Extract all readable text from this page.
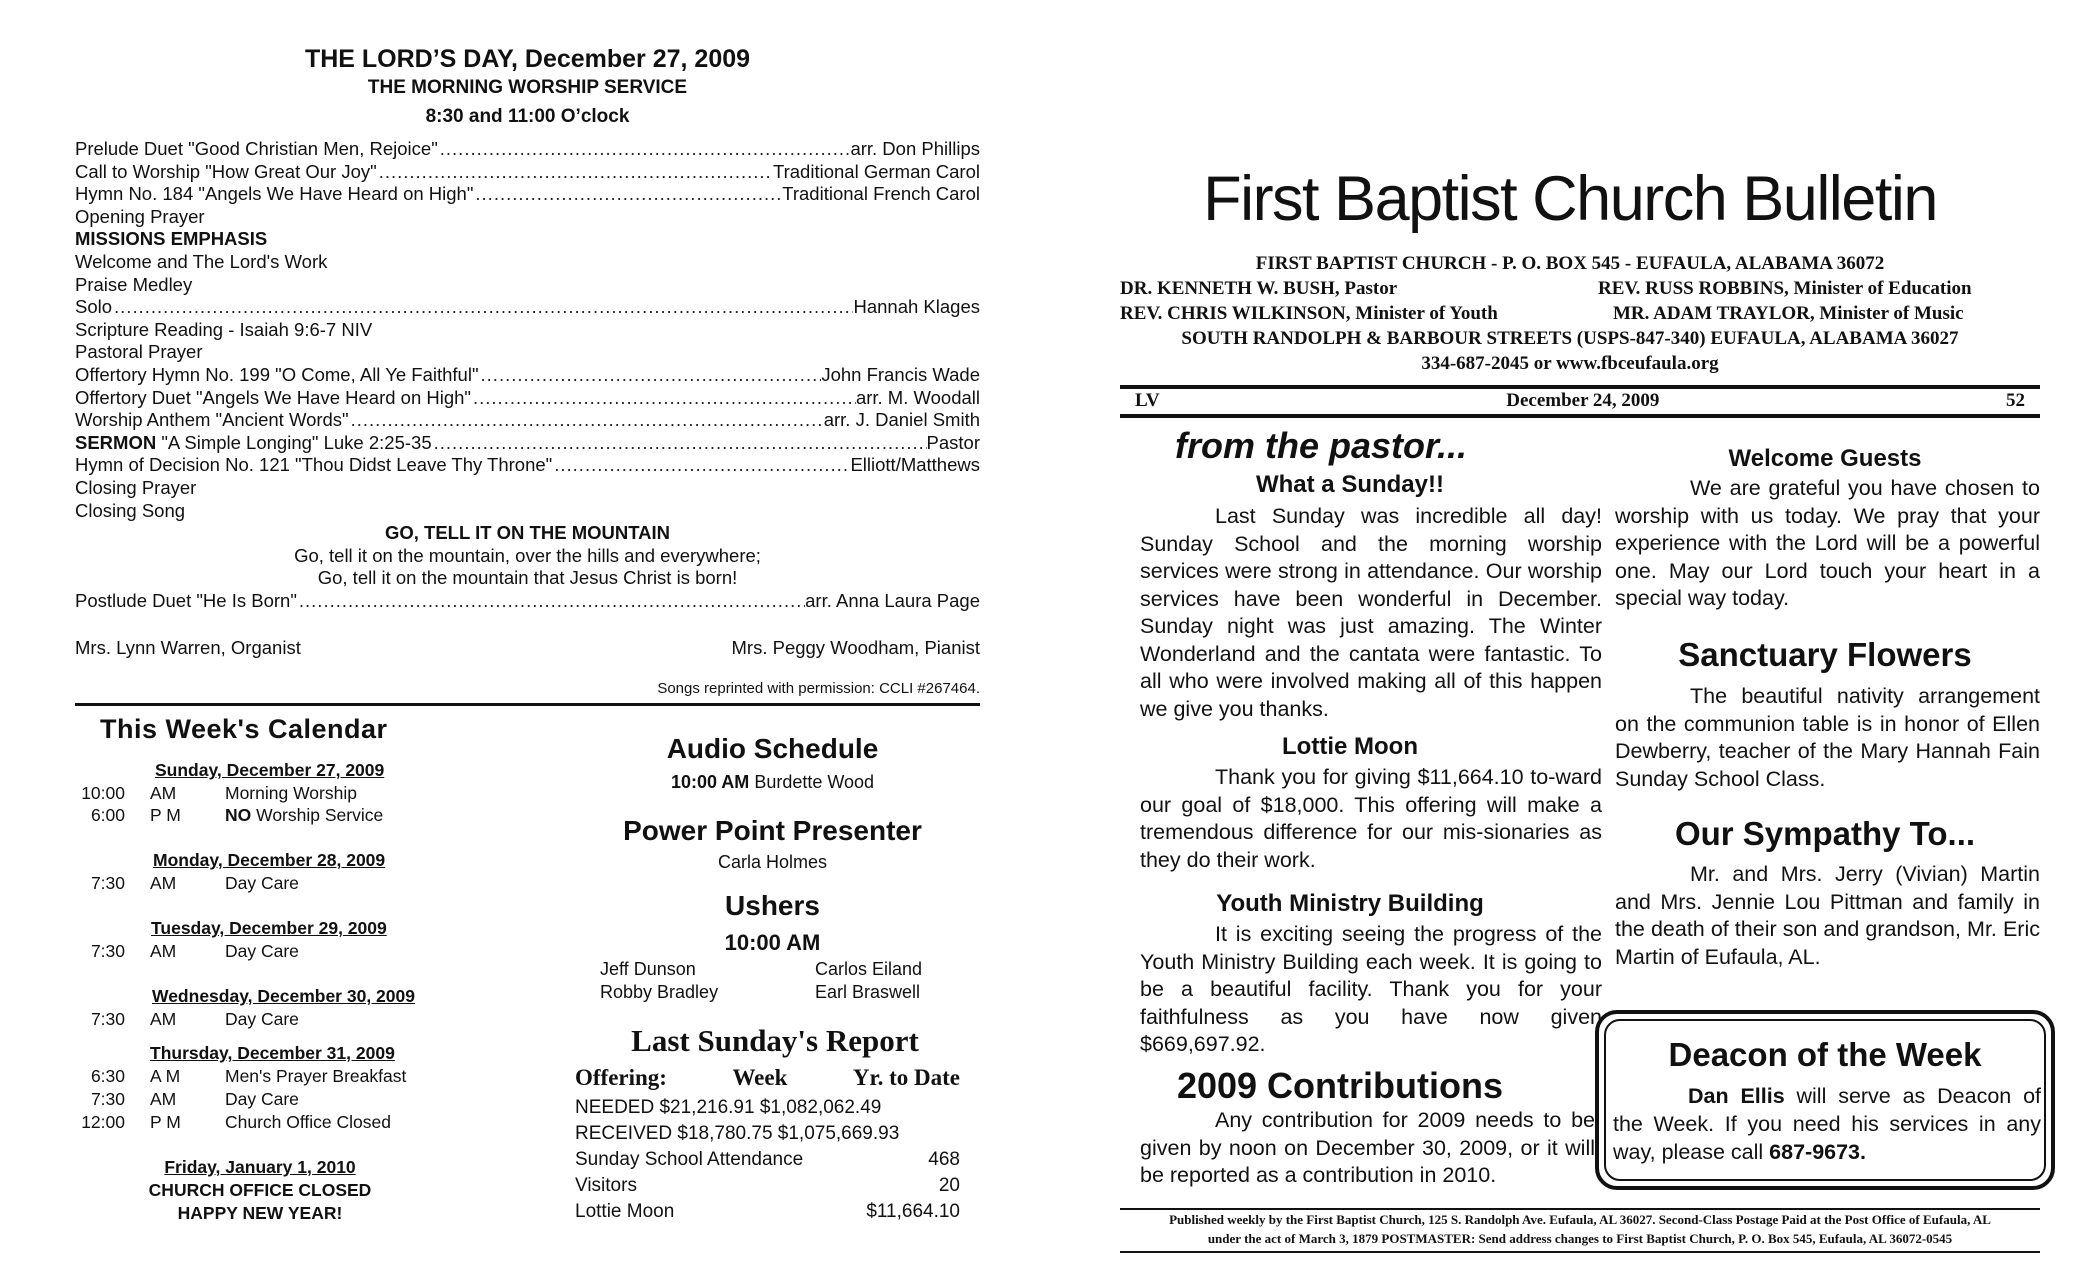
THE LORD’S DAY, December 27, 2009
THE MORNING WORSHIP SERVICE
8:30 and 11:00 O’clock
Prelude Duet "Good Christian Men, Rejoice" .....	arr. Don Phillips
Call to Worship "How Great Our Joy" .....	Traditional German Carol
Hymn No. 184 "Angels We Have Heard on High" .....	Traditional French Carol
Opening Prayer
MISSIONS EMPHASIS
Welcome and The Lord's Work
Praise Medley
Solo .....	Hannah Klages
Scripture Reading - Isaiah 9:6-7 NIV
Pastoral Prayer
Offertory Hymn No. 199 "O Come, All Ye Faithful" .....	John Francis Wade
Offertory Duet "Angels We Have Heard on High" .....	arr. M. Woodall
Worship Anthem "Ancient Words" .....	arr. J. Daniel Smith
SERMON "A Simple Longing" Luke 2:25-35 .....	Pastor
Hymn of Decision No. 121 "Thou Didst Leave Thy Throne" .....	Elliott/Matthews
Closing Prayer
Closing Song
GO, TELL IT ON THE MOUNTAIN
Go, tell it on the mountain, over the hills and everywhere;
Go, tell it on the mountain that Jesus Christ is born!
Postlude Duet "He Is Born" .....	arr. Anna Laura Page
Mrs. Lynn Warren, Organist	Mrs. Peggy Woodham, Pianist
Songs reprinted with permission: CCLI #267464.
This Week's Calendar
Sunday, December 27, 2009
10:00 AM	Morning Worship
6:00 P M	NO Worship Service
Monday, December 28, 2009
7:30 AM	Day Care
Tuesday, December 29, 2009
7:30 AM	Day Care
Wednesday, December 30, 2009
7:30 AM	Day Care
Thursday, December 31, 2009
6:30 A M	Men's Prayer Breakfast
7:30 AM	Day Care
12:00 P M	Church Office Closed
Friday, January 1, 2010
CHURCH OFFICE CLOSED
HAPPY NEW YEAR!
Audio Schedule
10:00 AM Burdette Wood
Power Point Presenter
Carla Holmes
Ushers
10:00 AM
Jeff Dunson	Carlos Eiland
Robby Bradley	Earl Braswell
Last Sunday's Report
Offering:	Week	Yr. to Date
NEEDED $21,216.91 $1,082,062.49
RECEIVED $18,780.75 $1,075,669.93
Sunday School Attendance	468
Visitors	20
Lottie Moon	$11,664.10
First Baptist Church Bulletin
FIRST BAPTIST CHURCH - P. O. BOX 545 - EUFAULA, ALABAMA 36072
DR. KENNETH W. BUSH, Pastor	REV. RUSS ROBBINS, Minister of Education
REV. CHRIS WILKINSON, Minister of Youth	MR. ADAM TRAYLOR, Minister of Music
SOUTH RANDOLPH & BARBOUR STREETS (USPS-847-340) EUFAULA, ALABAMA 36027
334-687-2045 or www.fbceufaula.org
LV	December 24, 2009	52
from the pastor...
What a Sunday!!
Last Sunday was incredible all day! Sunday School and the morning worship services were strong in attendance. Our worship services have been wonderful in December. Sunday night was just amazing. The Winter Wonderland and the cantata were fantastic. To all who were involved making all of this happen we give you thanks.
Lottie Moon
Thank you for giving $11,664.10 to-ward our goal of $18,000. This offering will make a tremendous difference for our mis-sionaries as they do their work.
Youth Ministry Building
It is exciting seeing the progress of the Youth Ministry Building each week. It is going to be a beautiful facility. Thank you for your faithfulness as you have now given $669,697.92.
2009 Contributions
Any contribution for 2009 needs to be given by noon on December 30, 2009, or it will be reported as a contribution in 2010.
Welcome Guests
We are grateful you have chosen to worship with us today. We pray that your experience with the Lord will be a powerful one. May our Lord touch your heart in a special way today.
Sanctuary Flowers
The beautiful nativity arrangement on the communion table is in honor of Ellen Dewberry, teacher of the Mary Hannah Fain Sunday School Class.
Our Sympathy To...
Mr. and Mrs. Jerry (Vivian) Martin and Mrs. Jennie Lou Pittman and family in the death of their son and grandson, Mr. Eric Martin of Eufaula, AL.
Deacon of the Week
Dan Ellis will serve as Deacon of the Week. If you need his services in any way, please call 687-9673.
Published weekly by the First Baptist Church, 125 S. Randolph Ave. Eufaula, AL 36027. Second-Class Postage Paid at the Post Office of Eufaula, AL
under the act of March 3, 1879 POSTMASTER: Send address changes to First Baptist Church, P. O. Box 545, Eufaula, AL 36072-0545
